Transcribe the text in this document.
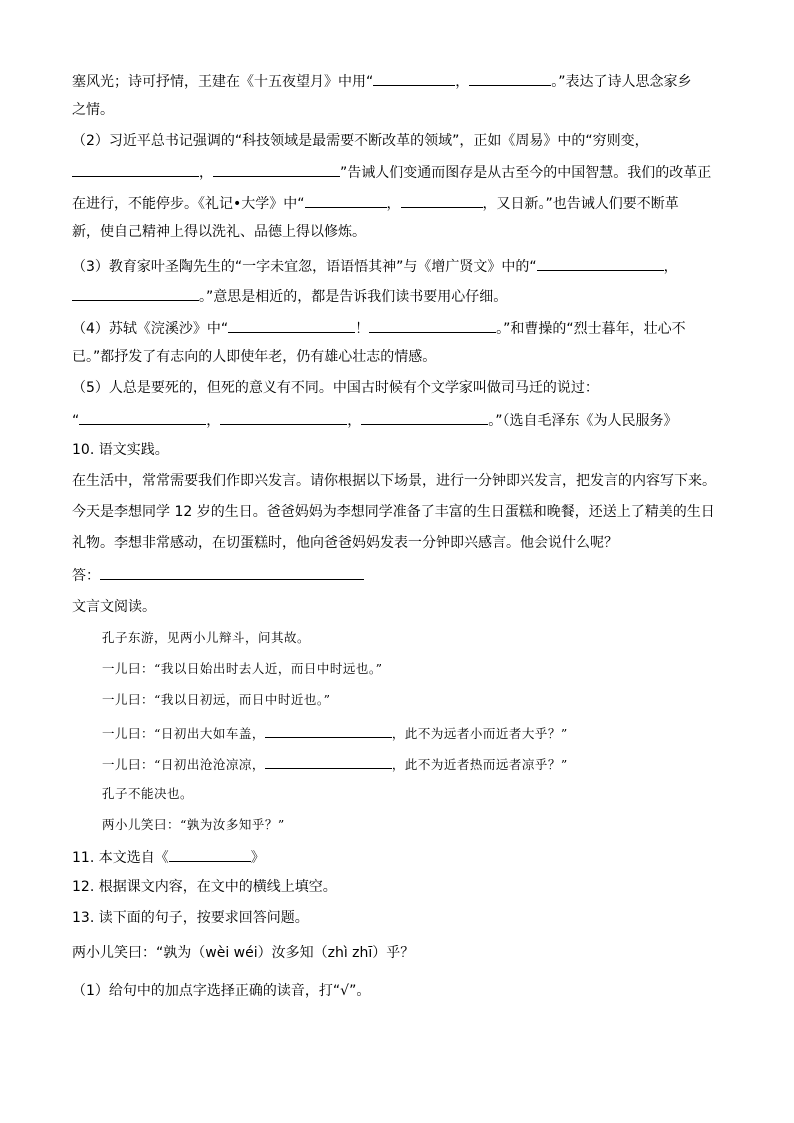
塞风光；诗可抒情，王建在《十五夜望月》中用“	，	。”表达了诗人思念家乡
之情。
（2）习近平总书记强调的“科技领域是最需要不断改革的领域”，正如《周易》中的“穷则变，
，	”告诫人们变通而图存是从古至今的中国智慧。我们的改革正
在进行，不能停步。《礼记•大学》中“	，	，又日新。”也告诫人们要不断革
新，使自己精神上得以洗礼、品德上得以修炼。
（3）教育家叶圣陶先生的“一字未宜忽，语语悟其神”与《增广贤文》中的“	，
。”意思是相近的，都是告诉我们读书要用心仔细。
（4）苏轼《浣溪沙》中“	！	。”和曹操的“烈士暮年，壮心不
已。”都抒发了有志向的人即使年老，仍有雄心壮志的情感。
（5）人总是要死的，但死的意义有不同。中国古时候有个文学家叫做司马迁的说过：
“	，	，	。”（选自毛泽东《为人民服务》
10. 语文实践。
在生活中，常常需要我们作即兴发言。请你根据以下场景，进行一分钟即兴发言，把发言的内容写下来。
今天是李想同学 12 岁的生日。爸爸妈妈为李想同学准备了丰富的生日蛋糕和晚餐，还送上了精美的生日
礼物。李想非常感动，在切蛋糕时，他向爸爸妈妈发表一分钟即兴感言。他会说什么呢？
答：
文言文阅读。
孔子东游，见两小儿辩斗，问其故。
一儿曰：“我以日始出时去人近，而日中时远也。”
一儿曰：“我以日初远，而日中时近也。”
一儿曰：“日初出大如车盖，	，此不为远者小而近者大乎？”
一儿曰：“日初出沧沧凉凉，	，此不为近者热而远者凉乎？”
孔子不能决也。
两小儿笑曰：“孰为汝多知乎？”
11. 本文选自《	》
12. 根据课文内容，在文中的横线上填空。
13. 读下面的句子，按要求回答问题。
两小儿笑曰：“孰为（wèi wéi）汝多知（zhì zhī）乎？
（1）给句中的加点字选择正确的读音，打“√”。
